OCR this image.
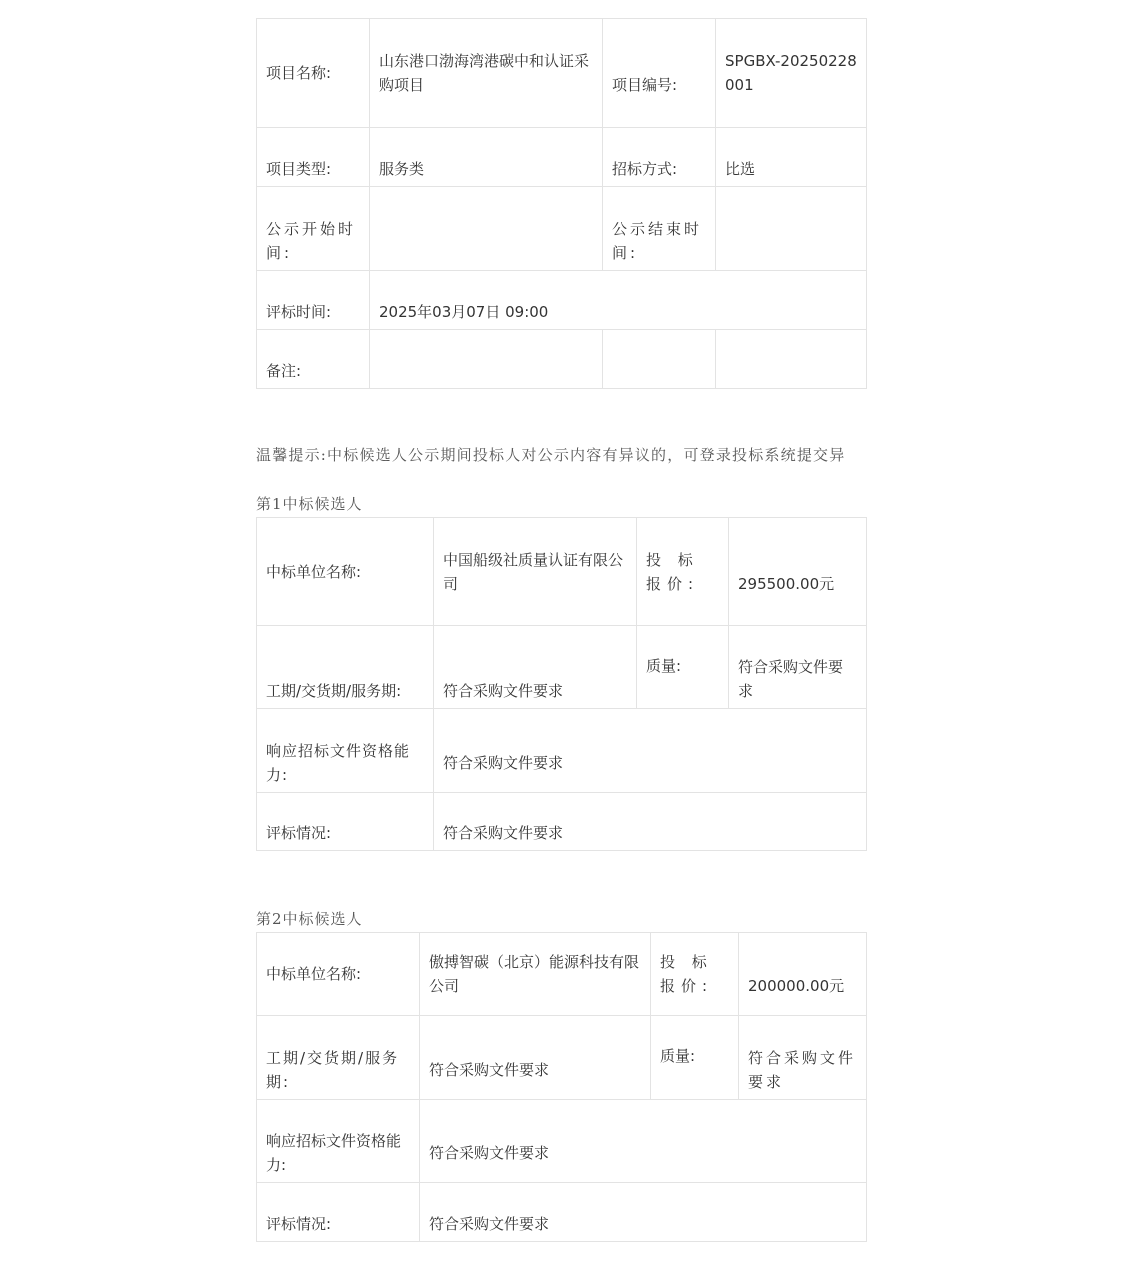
项目名称:	山东港口渤海湾港碳中和认证采购项目	项目编号:	SPGBX-20250228001
项目类型:	服务类	招标方式:	比选
公示开始时间:		公示结束时间:	
评标时间:	2025年03月07日 09:00		
备注:			
温馨提示:中标候选人公示期间投标人对公示内容有异议的，可登录投标系统提交异
第1中标候选人
中标单位名称:	中国船级社质量认证有限公司	投 标 报价:	295500.00元
工期/交货期/服务期:	符合采购文件要求	质量:	符合采购文件要求
响应招标文件资格能力:	符合采购文件要求		
评标情况:	符合采购文件要求		
第2中标候选人
中标单位名称:	傲搏智碳（北京）能源科技有限公司	投 标 报价:	200000.00元
工期/交货期/服务期:	符合采购文件要求	质量:	符合采购文件要求
响应招标文件资格能力:	符合采购文件要求		
评标情况:	符合采购文件要求		
